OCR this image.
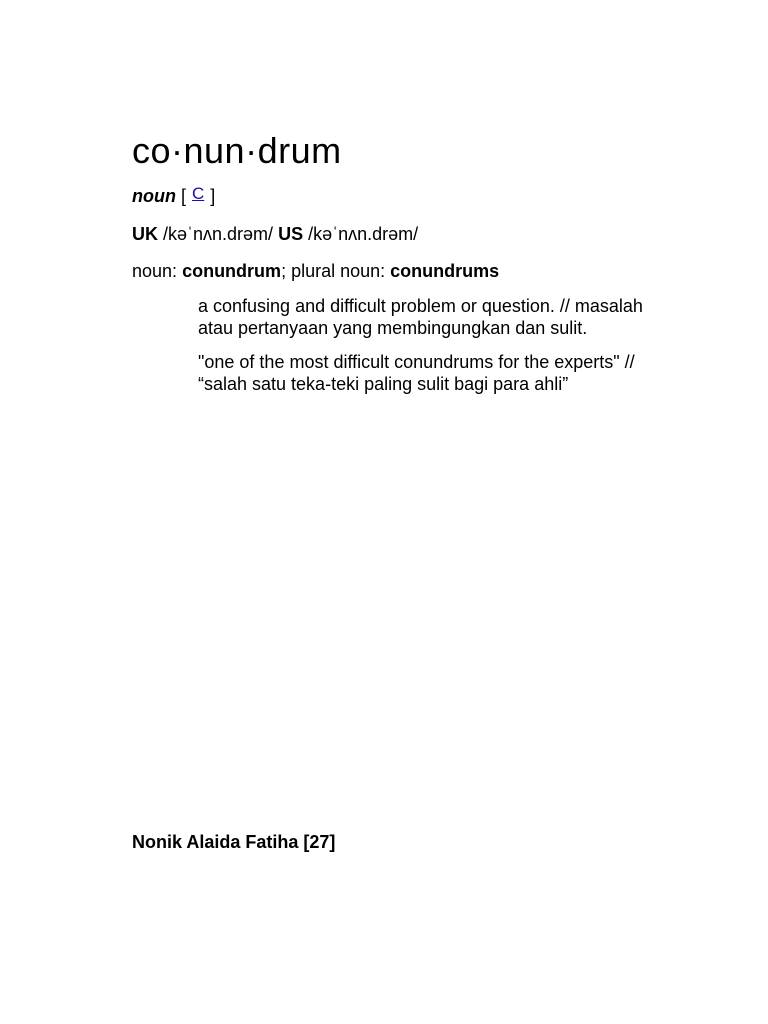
co·nun·drum
noun [ C ]
UK /kəˈnʌn.drəm/ US /kəˈnʌn.drəm/
noun: conundrum; plural noun: conundrums

a confusing and difficult problem or question. // masalah atau pertanyaan yang membingungkan dan sulit.

"one of the most difficult conundrums for the experts" // “salah satu teka-teki paling sulit bagi para ahli”

Nonik Alaida Fatiha [27]
